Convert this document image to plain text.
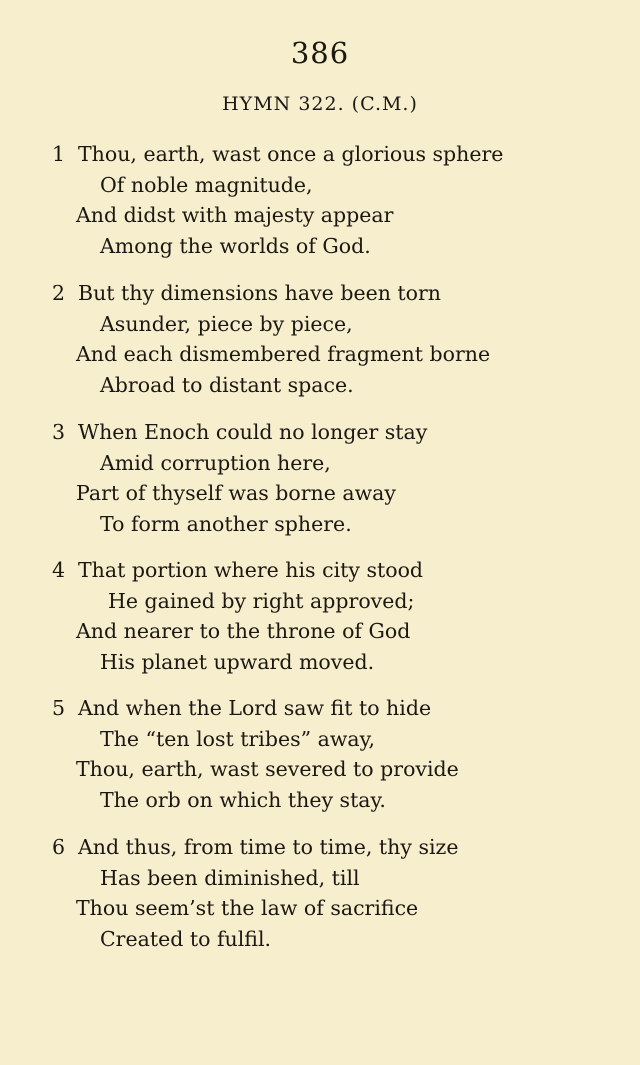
386
HYMN 322. (C.M.)
1 Thou, earth, wast once a glorious sphere
Of noble magnitude,
And didst with majesty appear
Among the worlds of God.
2 But thy dimensions have been torn
Asunder, piece by piece,
And each dismembered fragment borne
Abroad to distant space.
3 When Enoch could no longer stay
Amid corruption here,
Part of thyself was borne away
To form another sphere.
4 That portion where his city stood
He gained by right approved;
And nearer to the throne of God
His planet upward moved.
5 And when the Lord saw fit to hide
The “ten lost tribes” away,
Thou, earth, wast severed to provide
The orb on which they stay.
6 And thus, from time to time, thy size
Has been diminished, till
Thou seem’st the law of sacrifice
Created to fulfil.
